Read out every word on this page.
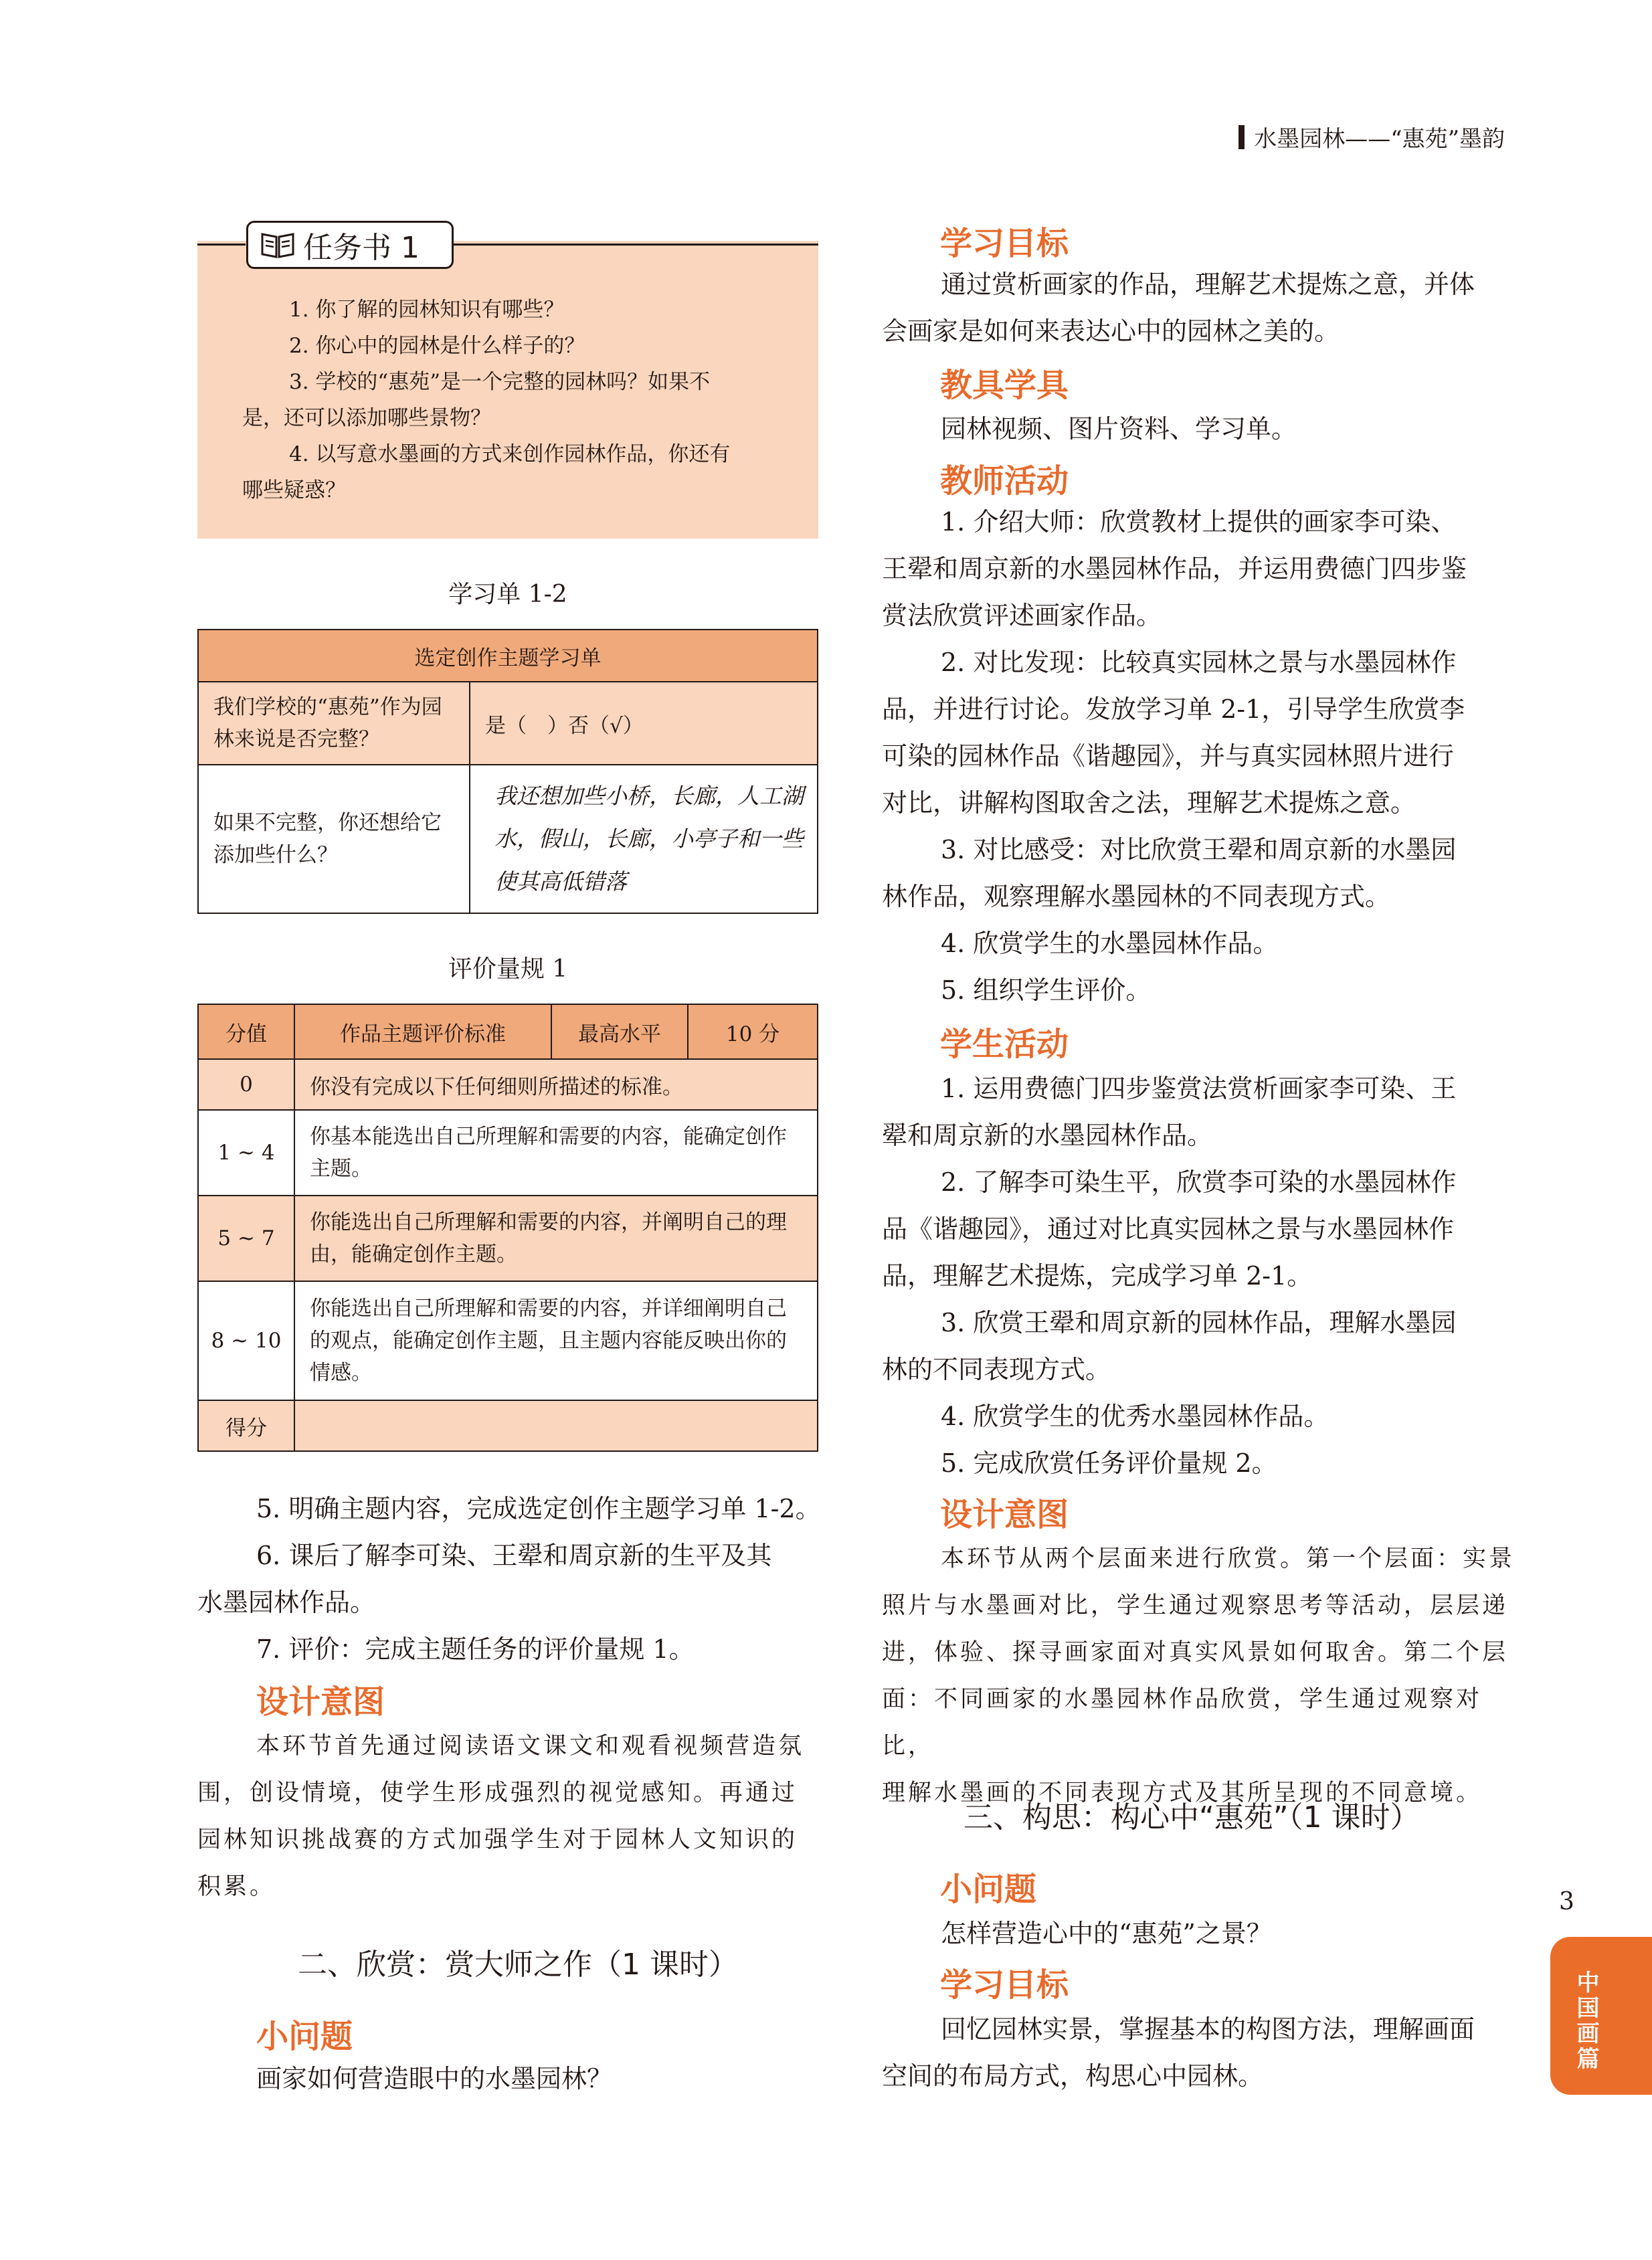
水墨园林——“惠苑”墨韵
任务书 1
1. 你了解的园林知识有哪些？
2. 你心中的园林是什么样子的？
3. 学校的“惠苑”是一个完整的园林吗？如果不
是，还可以添加哪些景物？
4. 以写意水墨画的方式来创作园林作品，你还有
哪些疑惑？
学习单 1-2
选定创作主题学习单	
我们学校的“惠苑”作为园林来说是否完整？	是（　）否（√）
如果不完整，你还想给它添加些什么？	我还想加些小桥，长廊，人工湖
水，假山，长廊，小亭子和一些
使其高低错落
评价量规 1
分值	作品主题评价标准	最高水平	10 分
0	你没有完成以下任何细则所描述的标准。		
1 ~ 4	你基本能选出自己所理解和需要的内容，能确定创作主题。		
5 ~ 7	你能选出自己所理解和需要的内容，并阐明自己的理由，能确定创作主题。		
8 ~ 10	你能选出自己所理解和需要的内容，并详细阐明自己的观点，能确定创作主题，且主题内容能反映出你的情感。		
得分			
5. 明确主题内容，完成选定创作主题学习单 1-2。
6. 课后了解李可染、王翚和周京新的生平及其
水墨园林作品。
7. 评价：完成主题任务的评价量规 1。
设计意图
本环节首先通过阅读语文课文和观看视频营造氛
围，创设情境，使学生形成强烈的视觉感知。再通过
园林知识挑战赛的方式加强学生对于园林人文知识的
积累。
二、欣赏：赏大师之作（1 课时）
小问题
画家如何营造眼中的水墨园林？
学习目标
通过赏析画家的作品，理解艺术提炼之意，并体
会画家是如何来表达心中的园林之美的。
教具学具
园林视频、图片资料、学习单。
教师活动
1. 介绍大师：欣赏教材上提供的画家李可染、
王翚和周京新的水墨园林作品，并运用费德门四步鉴
赏法欣赏评述画家作品。
2. 对比发现：比较真实园林之景与水墨园林作
品，并进行讨论。发放学习单 2-1，引导学生欣赏李
可染的园林作品《谐趣园》，并与真实园林照片进行
对比，讲解构图取舍之法，理解艺术提炼之意。
3. 对比感受：对比欣赏王翚和周京新的水墨园
林作品，观察理解水墨园林的不同表现方式。
4. 欣赏学生的水墨园林作品。
5. 组织学生评价。
学生活动
1. 运用费德门四步鉴赏法赏析画家李可染、王
翚和周京新的水墨园林作品。
2. 了解李可染生平，欣赏李可染的水墨园林作
品《谐趣园》，通过对比真实园林之景与水墨园林作
品，理解艺术提炼，完成学习单 2-1。
3. 欣赏王翚和周京新的园林作品，理解水墨园
林的不同表现方式。
4. 欣赏学生的优秀水墨园林作品。
5. 完成欣赏任务评价量规 2。
设计意图
本环节从两个层面来进行欣赏。第一个层面：实景
照片与水墨画对比，学生通过观察思考等活动，层层递
进，体验、探寻画家面对真实风景如何取舍。第二个层
面：不同画家的水墨园林作品欣赏，学生通过观察对比，
理解水墨画的不同表现方式及其所呈现的不同意境。
三、构思：构心中“惠苑”（1 课时）
小问题
怎样营造心中的“惠苑”之景？
学习目标
回忆园林实景，掌握基本的构图方法，理解画面
空间的布局方式，构思心中园林。
3
中国画篇
